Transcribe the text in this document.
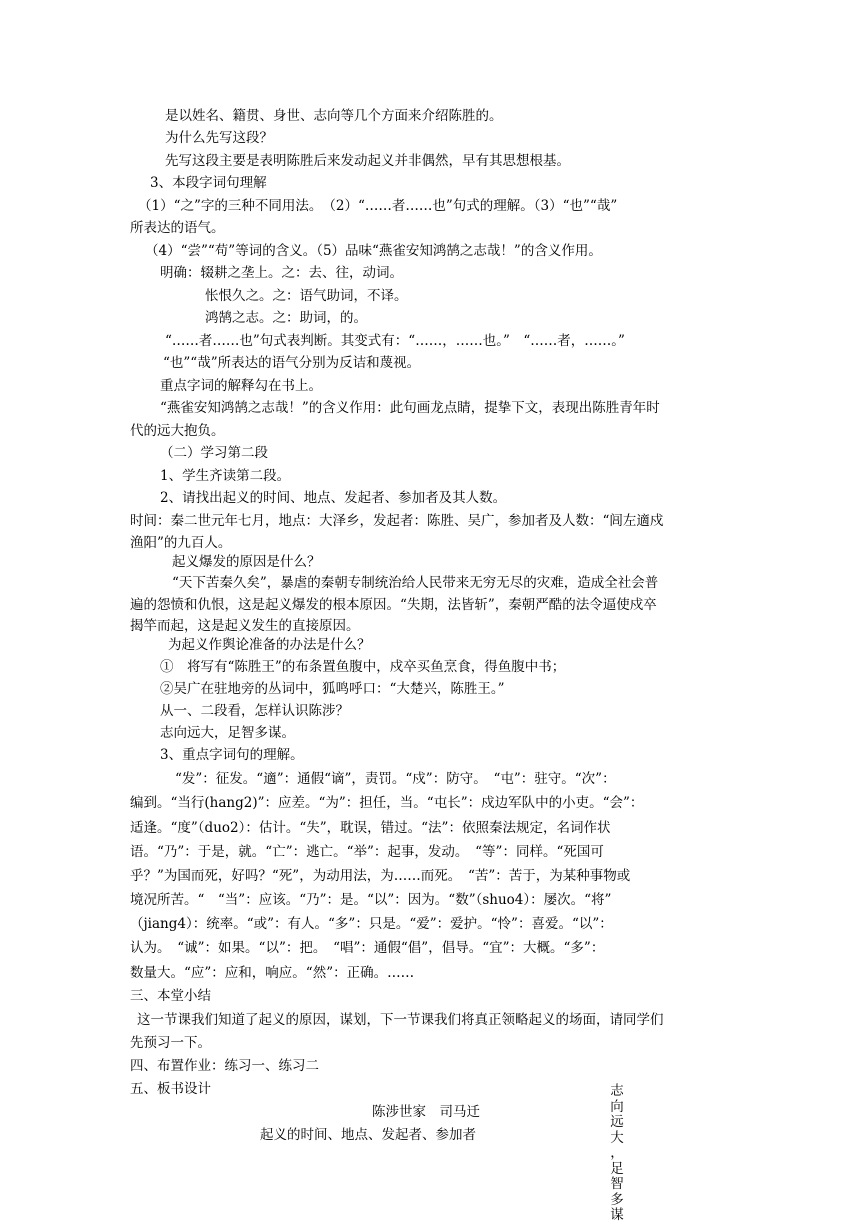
是以姓名、籍贯、身世、志向等几个方面来介绍陈胜的。
为什么先写这段？
先写这段主要是表明陈胜后来发动起义并非偶然，早有其思想根基。
3、本段字词句理解
（1）“之”字的三种不同用法。　（2）“……者……也”句式的理解。（3）“也”“哉”
所表达的语气。
（4）“尝”“苟”等词的含义。（5）品味“燕雀安知鸿鹄之志哉！”的含义作用。
明确：辍耕之垄上。之：去、往，动词。
怅恨久之。之：语气助词，不译。
鸿鹄之志。之：助词，的。
“……者……也”句式表判断。其变式有：“……，……也。”　“……者，……。”
“也”“哉”所表达的语气分别为反诘和蔑视。
重点字词的解释勾在书上。
“燕雀安知鸿鹄之志哉！”的含义作用：此句画龙点睛，提挚下文，表现出陈胜青年时
代的远大抱负。
（二）学习第二段
1、学生齐读第二段。
2、请找出起义的时间、地点、发起者、参加者及其人数。
时间：秦二世元年七月，地点：大泽乡，发起者：陈胜、吴广，参加者及人数：“闾左適戍
渔阳”的九百人。
起义爆发的原因是什么？
“天下苦秦久矣”，暴虐的秦朝专制统治给人民带来无穷无尽的灾难，造成全社会普
遍的怨愤和仇恨，这是起义爆发的根本原因。“失期，法皆斩”，秦朝严酷的法令逼使戍卒
揭竿而起，这是起义发生的直接原因。
为起义作舆论准备的办法是什么？
①　将写有“陈胜王”的布条置鱼腹中，戍卒买鱼烹食，得鱼腹中书；
②吴广在驻地旁的丛词中，狐鸣呼口：“大楚兴，陈胜王。”
从一、二段看，怎样认识陈涉？
志向远大，足智多谋。
3、重点字词句的理解。
“发”：征发。“適”：通假“谪”，责罚。“戍”：防守。　“屯”：驻守。“次”：
编到。“当行(hang2)”：应差。“为”：担任，当。“屯长”：戍边军队中的小吏。“会”：
适逢。“度”（duo2）：估计。“失”，耽误，错过。“法”：依照秦法规定，名词作状
语。“乃”：于是，就。“亡”：逃亡。“举”：起事，发动。　“等”：同样。“死国可
乎？”为国而死，好吗？“死”，为动用法，为……而死。　“苦”：苦于，为某种事物或
境况所苦。“　“当”：应该。“乃”：是。“以”：因为。“数”（shuo4）：屡次。“将”
（jiang4）：统率。“或”：有人。“多”：只是。“爱”：爱护。“怜”：喜爱。“以”：
认为。　“诚”：如果。“以”：把。　“唱”：通假“倡”，倡导。“宜”：大概。“多”：
数量大。“应”：应和，响应。“然”：正确。……
三、本堂小结
这一节课我们知道了起义的原因，谋划，下一节课我们将真正领略起义的场面，请同学们
先预习一下。
四、布置作业：练习一、练习二
五、板书设计
陈涉世家　司马迁
起义的时间、地点、发起者、参加者
志
向
远
大
，
足
智
多
谋
